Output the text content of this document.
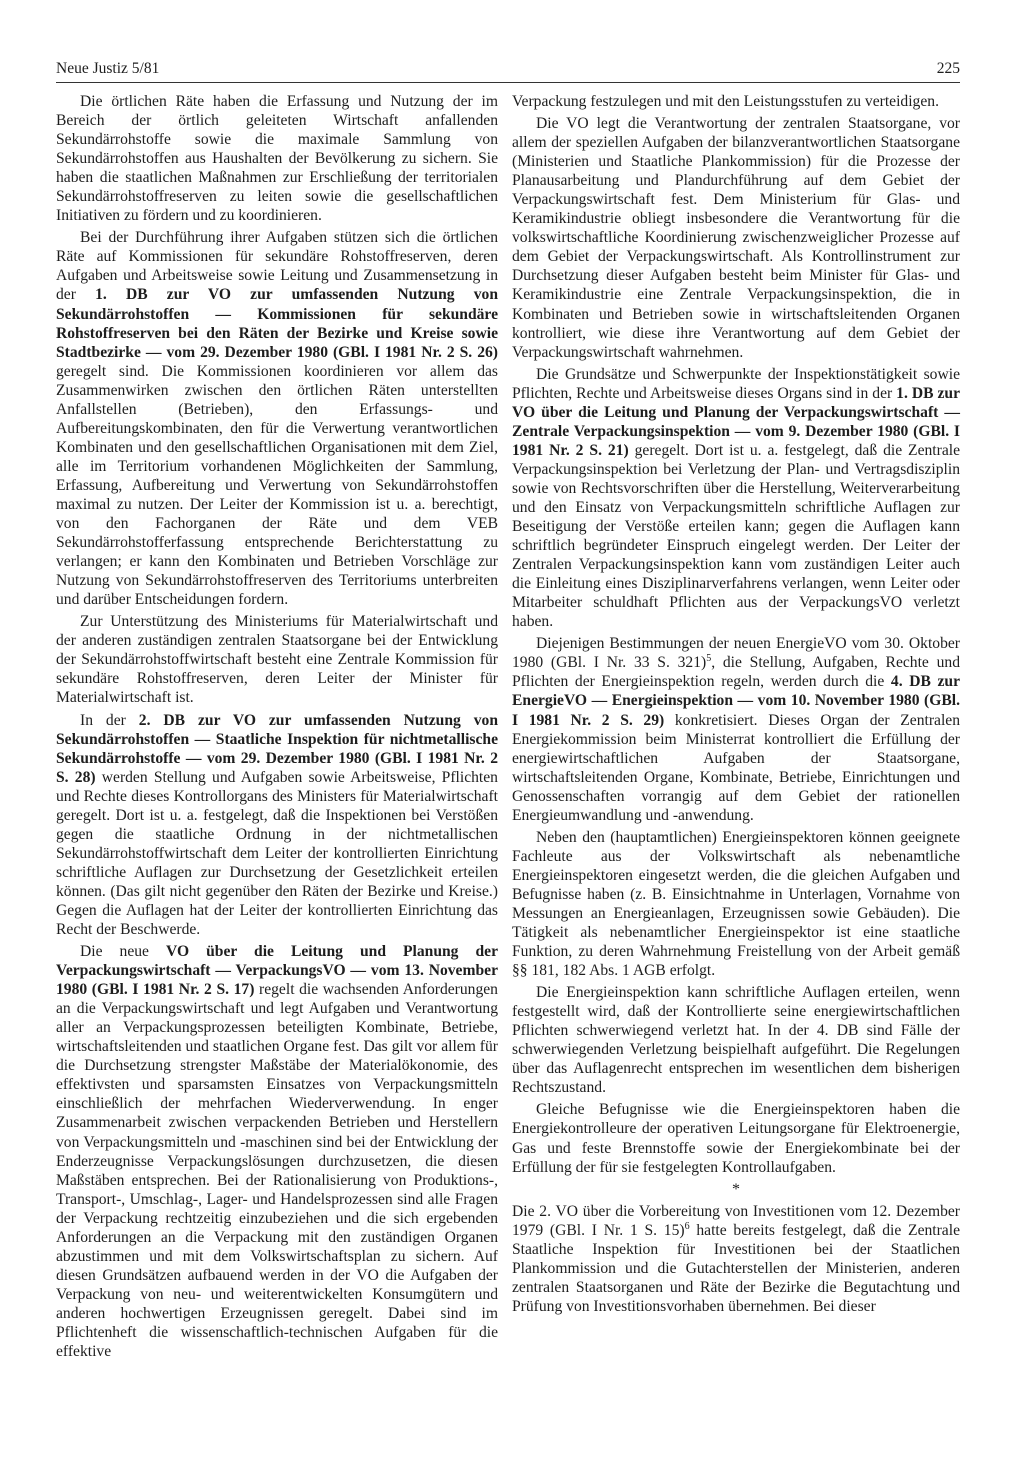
Neue Justiz 5/81	225

Die örtlichen Räte haben die Erfassung und Nutzung der im Bereich der örtlich geleiteten Wirtschaft anfallenden Sekundärrohstoffe sowie die maximale Sammlung von Sekundärrohstoffen aus Haushalten der Bevölkerung zu sichern. Sie haben die staatlichen Maßnahmen zur Erschließung der territorialen Sekundärrohstoffreserven zu leiten sowie die gesellschaftlichen Initiativen zu fördern und zu koordinieren.

Bei der Durchführung ihrer Aufgaben stützen sich die örtlichen Räte auf Kommissionen für sekundäre Rohstoffreserven, deren Aufgaben und Arbeitsweise sowie Leitung und Zusammensetzung in der 1. DB zur VO zur umfassenden Nutzung von Sekundärrohstoffen — Kommissionen für sekundäre Rohstoffreserven bei den Räten der Bezirke und Kreise sowie Stadtbezirke — vom 29. Dezember 1980 (GBl. I 1981 Nr. 2 S. 26) geregelt sind. Die Kommissionen koordinieren vor allem das Zusammenwirken zwischen den örtlichen Räten unterstellten Anfallstellen (Betrieben), den Erfassungs- und Aufbereitungskombinaten, den für die Verwertung verantwortlichen Kombinaten und den gesellschaftlichen Organisationen mit dem Ziel, alle im Territorium vorhandenen Möglichkeiten der Sammlung, Erfassung, Aufbereitung und Verwertung von Sekundärrohstoffen maximal zu nutzen. Der Leiter der Kommission ist u. a. berechtigt, von den Fachorganen der Räte und dem VEB Sekundärrohstofferfassung entsprechende Berichterstattung zu verlangen; er kann den Kombinaten und Betrieben Vorschläge zur Nutzung von Sekundärrohstoffreserven des Territoriums unterbreiten und darüber Entscheidungen fordern.

Zur Unterstützung des Ministeriums für Materialwirtschaft und der anderen zuständigen zentralen Staatsorgane bei der Entwicklung der Sekundärrohstoffwirtschaft besteht eine Zentrale Kommission für sekundäre Rohstoffreserven, deren Leiter der Minister für Materialwirtschaft ist.

In der 2. DB zur VO zur umfassenden Nutzung von Sekundärrohstoffen — Staatliche Inspektion für nichtmetallische Sekundärrohstoffe — vom 29. Dezember 1980 (GBl. I 1981 Nr. 2 S. 28) werden Stellung und Aufgaben sowie Arbeitsweise, Pflichten und Rechte dieses Kontrollorgans des Ministers für Materialwirtschaft geregelt. Dort ist u. a. festgelegt, daß die Inspektionen bei Verstößen gegen die staatliche Ordnung in der nichtmetallischen Sekundärrohstoffwirtschaft dem Leiter der kontrollierten Einrichtung schriftliche Auflagen zur Durchsetzung der Gesetzlichkeit erteilen können. (Das gilt nicht gegenüber den Räten der Bezirke und Kreise.) Gegen die Auflagen hat der Leiter der kontrollierten Einrichtung das Recht der Beschwerde.

Die neue VO über die Leitung und Planung der Verpackungswirtschaft — VerpackungsVO — vom 13. November 1980 (GBl. I 1981 Nr. 2 S. 17) regelt die wachsenden Anforderungen an die Verpackungswirtschaft und legt Aufgaben und Verantwortung aller an Verpackungsprozessen beteiligten Kombinate, Betriebe, wirtschaftsleitenden und staatlichen Organe fest. Das gilt vor allem für die Durchsetzung strengster Maßstäbe der Materialökonomie, des effektivsten und sparsamsten Einsatzes von Verpackungsmitteln einschließlich der mehrfachen Wiederverwendung. In enger Zusammenarbeit zwischen verpackenden Betrieben und Herstellern von Verpackungsmitteln und -maschinen sind bei der Entwicklung der Enderzeugnisse Verpackungslösungen durchzusetzen, die diesen Maßstäben entsprechen. Bei der Rationalisierung von Produktions-, Transport-, Umschlag-, Lager- und Handelsprozessen sind alle Fragen der Verpackung rechtzeitig einzubeziehen und die sich ergebenden Anforderungen an die Verpackung mit den zuständigen Organen abzustimmen und mit dem Volkswirtschaftsplan zu sichern. Auf diesen Grundsätzen aufbauend werden in der VO die Aufgaben der Verpackung von neu- und weiterentwickelten Konsumgütern und anderen hochwertigen Erzeugnissen geregelt. Dabei sind im Pflichtenheft die wissenschaftlich-technischen Aufgaben für die effektive

Verpackung festzulegen und mit den Leistungsstufen zu verteidigen.

Die VO legt die Verantwortung der zentralen Staatsorgane, vor allem der speziellen Aufgaben der bilanzverantwortlichen Staatsorgane (Ministerien und Staatliche Plankommission) für die Prozesse der Planausarbeitung und Plandurchführung auf dem Gebiet der Verpackungswirtschaft fest. Dem Ministerium für Glas- und Keramikindustrie obliegt insbesondere die Verantwortung für die volkswirtschaftliche Koordinierung zwischenzweiglicher Prozesse auf dem Gebiet der Verpackungswirtschaft. Als Kontrollinstrument zur Durchsetzung dieser Aufgaben besteht beim Minister für Glas- und Keramikindustrie eine Zentrale Verpackungsinspektion, die in Kombinaten und Betrieben sowie in wirtschaftsleitenden Organen kontrolliert, wie diese ihre Verantwortung auf dem Gebiet der Verpackungswirtschaft wahrnehmen.

Die Grundsätze und Schwerpunkte der Inspektionstätigkeit sowie Pflichten, Rechte und Arbeitsweise dieses Organs sind in der 1. DB zur VO über die Leitung und Planung der Verpackungswirtschaft — Zentrale Verpackungsinspektion — vom 9. Dezember 1980 (GBl. I 1981 Nr. 2 S. 21) geregelt. Dort ist u. a. festgelegt, daß die Zentrale Verpackungsinspektion bei Verletzung der Plan- und Vertragsdisziplin sowie von Rechtsvorschriften über die Herstellung, Weiterverarbeitung und den Einsatz von Verpackungsmitteln schriftliche Auflagen zur Beseitigung der Verstöße erteilen kann; gegen die Auflagen kann schriftlich begründeter Einspruch eingelegt werden. Der Leiter der Zentralen Verpackungsinspektion kann vom zuständigen Leiter auch die Einleitung eines Disziplinarverfahrens verlangen, wenn Leiter oder Mitarbeiter schuldhaft Pflichten aus der VerpackungsVO verletzt haben.

Diejenigen Bestimmungen der neuen EnergieVO vom 30. Oktober 1980 (GBl. I Nr. 33 S. 321)$^5$, die Stellung, Aufgaben, Rechte und Pflichten der Energieinspektion regeln, werden durch die 4. DB zur EnergieVO — Energieinspektion — vom 10. November 1980 (GBl. I 1981 Nr. 2 S. 29) konkretisiert. Dieses Organ der Zentralen Energiekommission beim Ministerrat kontrolliert die Erfüllung der energiewirtschaftlichen Aufgaben der Staatsorgane, wirtschaftsleitenden Organe, Kombinate, Betriebe, Einrichtungen und Genossenschaften vorrangig auf dem Gebiet der rationellen Energieumwandlung und -anwendung.

Neben den (hauptamtlichen) Energieinspektoren können geeignete Fachleute aus der Volkswirtschaft als nebenamtliche Energieinspektoren eingesetzt werden, die die gleichen Aufgaben und Befugnisse haben (z. B. Einsichtnahme in Unterlagen, Vornahme von Messungen an Energieanlagen, Erzeugnissen sowie Gebäuden). Die Tätigkeit als nebenamtlicher Energieinspektor ist eine staatliche Funktion, zu deren Wahrnehmung Freistellung von der Arbeit gemäß §§ 181, 182 Abs. 1 AGB erfolgt.

Die Energieinspektion kann schriftliche Auflagen erteilen, wenn festgestellt wird, daß der Kontrollierte seine energiewirtschaftlichen Pflichten schwerwiegend verletzt hat. In der 4. DB sind Fälle der schwerwiegenden Verletzung beispielhaft aufgeführt. Die Regelungen über das Auflagenrecht entsprechen im wesentlichen dem bisherigen Rechtszustand.

Gleiche Befugnisse wie die Energieinspektoren haben die Energiekontrolleure der operativen Leitungsorgane für Elektroenergie, Gas und feste Brennstoffe sowie der Energiekombinate bei der Erfüllung der für sie festgelegten Kontrollaufgaben.

*

Die 2. VO über die Vorbereitung von Investitionen vom 12. Dezember 1979 (GBl. I Nr. 1 S. 15)$^6$ hatte bereits festgelegt, daß die Zentrale Staatliche Inspektion für Investitionen bei der Staatlichen Plankommission und die Gutachterstellen der Ministerien, anderen zentralen Staatsorganen und Räte der Bezirke die Begutachtung und Prüfung von Investitionsvorhaben übernehmen. Bei dieser
